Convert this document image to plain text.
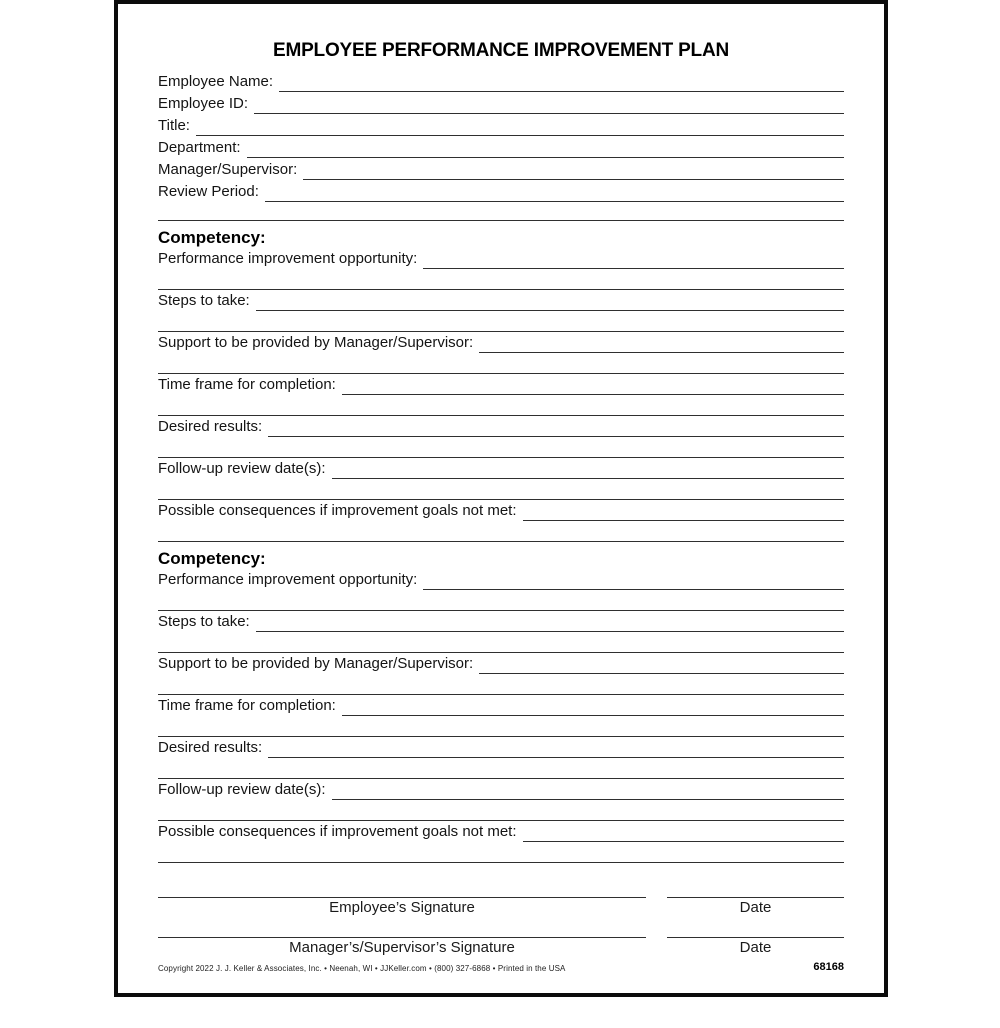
EMPLOYEE PERFORMANCE IMPROVEMENT PLAN
Employee Name:
Employee ID:
Title:
Department:
Manager/Supervisor:
Review Period:
Competency:
Performance improvement opportunity:
Steps to take:
Support to be provided by Manager/Supervisor:
Time frame for completion:
Desired results:
Follow-up review date(s):
Possible consequences if improvement goals not met:
Competency:
Performance improvement opportunity:
Steps to take:
Support to be provided by Manager/Supervisor:
Time frame for completion:
Desired results:
Follow-up review date(s):
Possible consequences if improvement goals not met:
Employee’s Signature	Date
Manager’s/Supervisor’s Signature	Date
Copyright 2022 J. J. Keller & Associates, Inc. • Neenah, WI • JJKeller.com • (800) 327-6868 • Printed in the USA	68168
